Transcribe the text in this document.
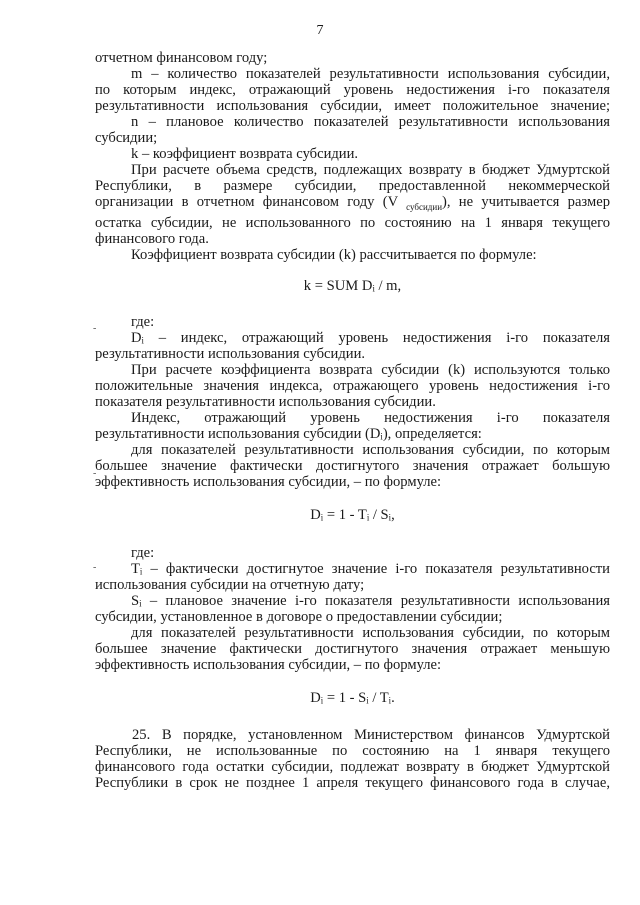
7
-
-
-

отчетном финансовом году;

m – количество показателей результативности использования субсидии,

по которым индекс, отражающий уровень недостижения i-го показателя

результативности использования субсидии, имеет положительное значение;

n – плановое количество показателей результативности использования

субсидии;

k – коэффициент возврата субсидии.

При расчете объема средств, подлежащих возврату в бюджет Удмуртской

Республики, в размере субсидии, предоставленной некоммерческой

организации в отчетном финансовом году (V $_{субсидии}$), не учитывается размер

остатка субсидии, не использованного по состоянию на 1 января текущего

финансового года.

Коэффициент возврата субсидии (k) рассчитывается по формуле:

k = SUM Dᵢ / m,

где:

Dᵢ – индекс, отражающий уровень недостижения i-го показателя

результативности использования субсидии.

При расчете коэффициента возврата субсидии (k) используются только

положительные значения индекса, отражающего уровень недостижения i-го

показателя результативности использования субсидии.

Индекс, отражающий уровень недостижения i-го показателя

результативности использования субсидии (Dᵢ), определяется:

для показателей результативности использования субсидии, по которым

большее значение фактически достигнутого значения отражает большую

эффективность использования субсидии, – по формуле:

Dᵢ = 1 - Tᵢ / Sᵢ,

где:

Tᵢ – фактически достигнутое значение i-го показателя результативности

использования субсидии на отчетную дату;

Sᵢ – плановое значение i-го показателя результативности использования

субсидии, установленное в договоре о предоставлении субсидии;

для показателей результативности использования субсидии, по которым

большее значение фактически достигнутого значения отражает меньшую

эффективность использования субсидии, – по формуле:

Dᵢ = 1 - Sᵢ / Tᵢ.

25. В порядке, установленном Министерством финансов Удмуртской

Республики, не использованные по состоянию на 1 января текущего

финансового года остатки субсидии, подлежат возврату в бюджет Удмуртской

Республики в срок не позднее 1 апреля текущего финансового года в случае,
